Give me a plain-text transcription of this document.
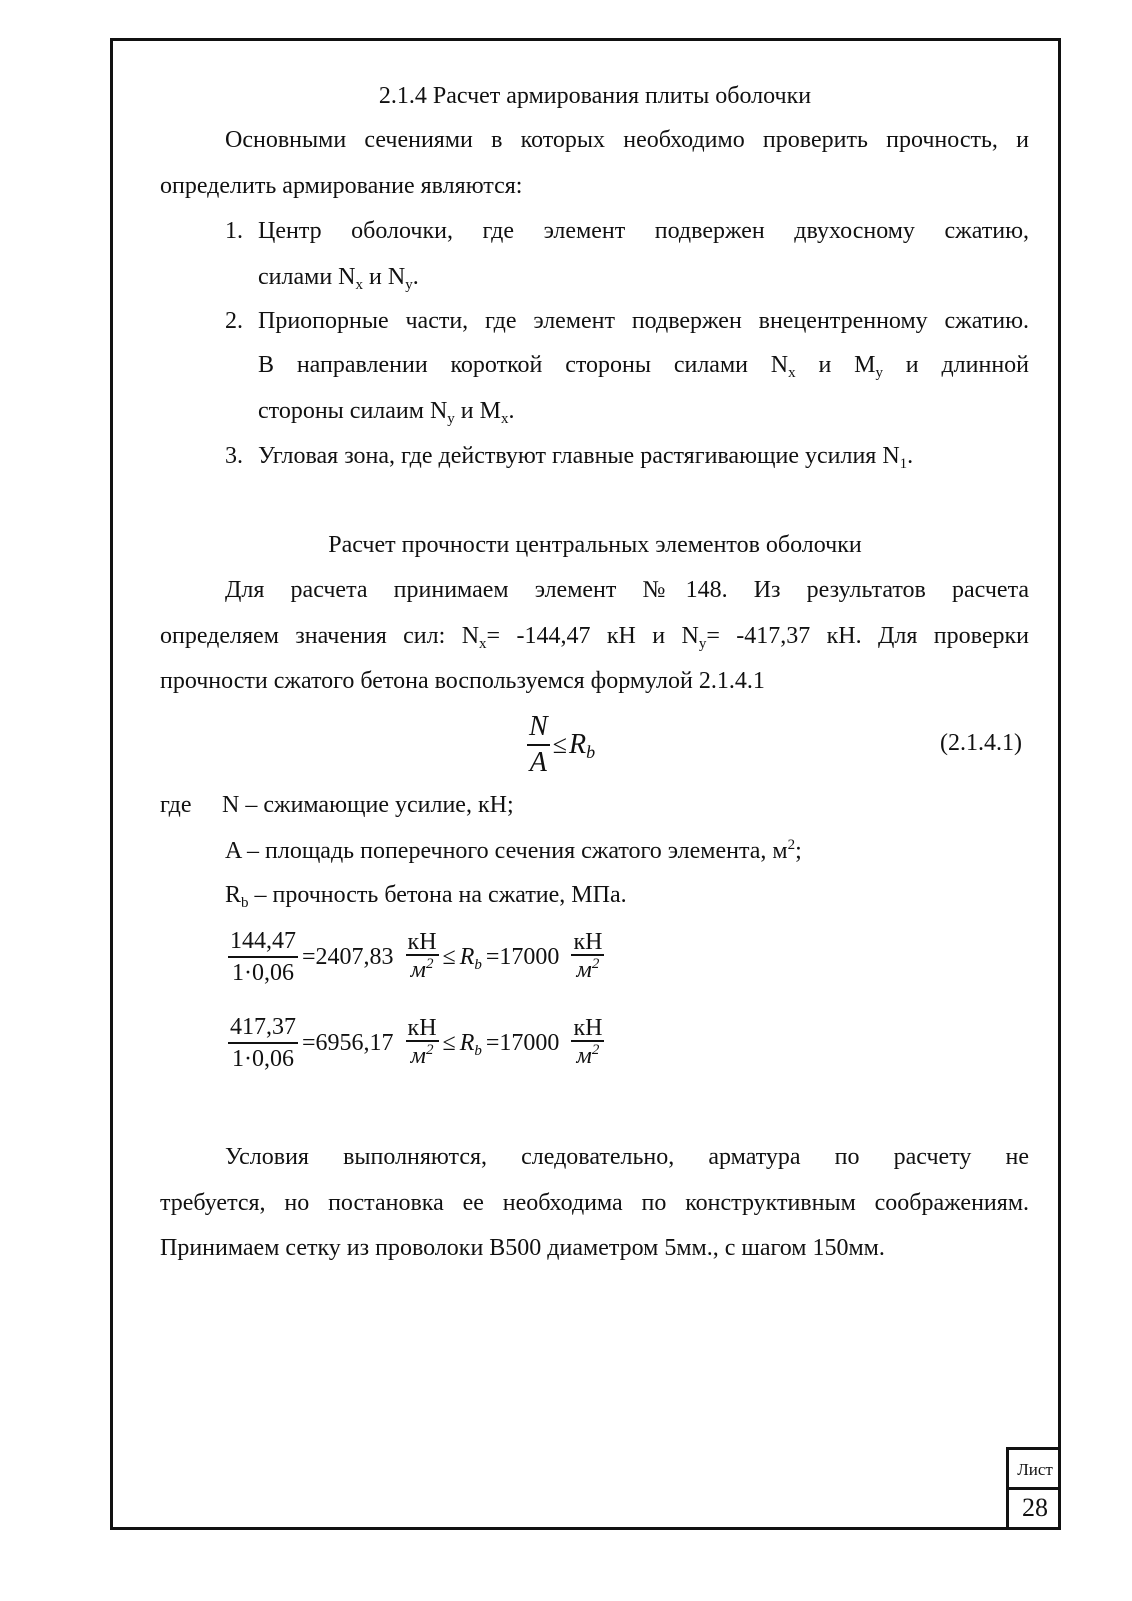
2.1.4 Расчет армирования плиты оболочки
Основными сечениями в которых необходимо проверить прочность, и
определить армирование являются:
1. Центр оболочки, где элемент подвержен двухосному сжатию,
силами $N_x$ и $N_y$.
2. Приопорные части, где элемент подвержен внецентренному сжатию.
В направлении короткой стороны силами $N_x$ и $M_y$ и длинной
стороны силаим $N_y$ и $M_x$.
3. Угловая зона, где действуют главные растягивающие усилия $N_1$.
Расчет прочности центральных элементов оболочки
Для расчета принимаем элемент №148. Из результатов расчета
определяем значения сил: $N_x= -144,47$ кН и $N_y= -417,37$ кН. Для проверки
прочности сжатого бетона воспользуемся формулой 2.1.4.1
$\frac{N}{A} \le R_b$	(2.1.4.1)
где N – сжимающие усилие, кН;
A – площадь поперечного сечения сжатого элемента, $м^2$;
$R_b$ – прочность бетона на сжатие, МПа.
$\frac{144,47}{1\cdot 0,06} =2407,83 \frac{кН}{м^2} \le R_b =17000 \frac{кН}{м^2}$
$\frac{417,37}{1\cdot 0,06} =6956,17 \frac{кН}{м^2} \le R_b =17000 \frac{кН}{м^2}$
Условия выполняются, следовательно, арматура по расчету не
требуется, но постановка ее необходима по конструктивным соображениям.
Принимаем сетку из проволоки B500 диаметром 5мм., с шагом 150мм.
Лист
28
